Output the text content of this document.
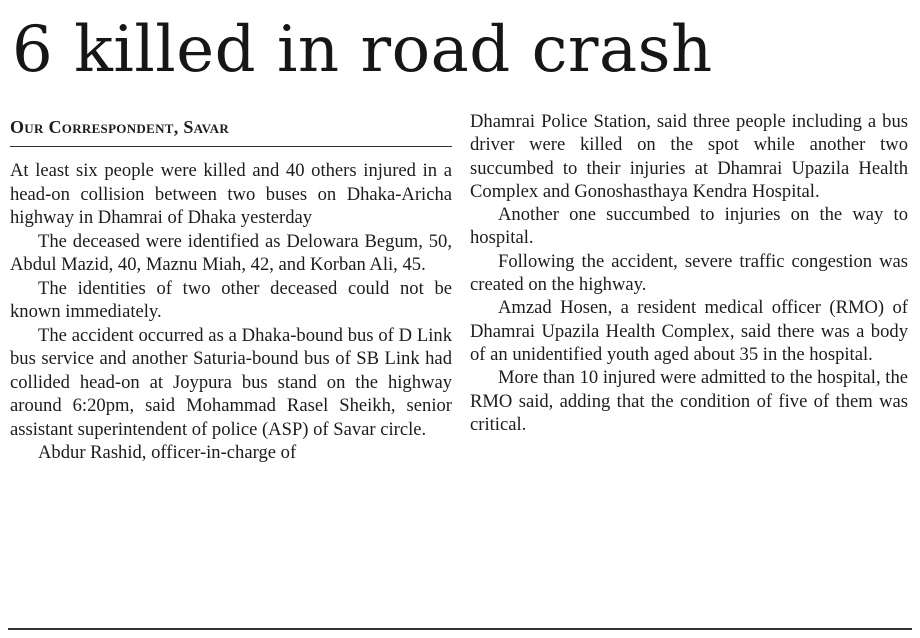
6 killed in road crash

Our Correspondent, Savar

At least six people were killed and 40 others injured in a head-on collision between two buses on Dhaka-Aricha highway in Dhamrai of Dhaka yesterday

The deceased were identified as Delowara Begum, 50, Abdul Mazid, 40, Maznu Miah, 42, and Korban Ali, 45.

The identities of two other deceased could not be known immediately.

The accident occurred as a Dhaka-bound bus of D Link bus service and another Saturia-bound bus of SB Link had collided head-on at Joypura bus stand on the highway around 6:20pm, said Mohammad Rasel Sheikh, senior assistant superintendent of police (ASP) of Savar circle.

Abdur Rashid, officer-in-charge of

Dhamrai Police Station, said three people including a bus driver were killed on the spot while another two succumbed to their injuries at Dhamrai Upazila Health Complex and Gonoshasthaya Kendra Hospital.

Another one succumbed to injuries on the way to hospital.

Following the accident, severe traffic congestion was created on the highway.

Amzad Hosen, a resident medical officer (RMO) of Dhamrai Upazila Health Complex, said there was a body of an unidentified youth aged about 35 in the hospital.

More than 10 injured were admitted to the hospital, the RMO said, adding that the condition of five of them was critical.
